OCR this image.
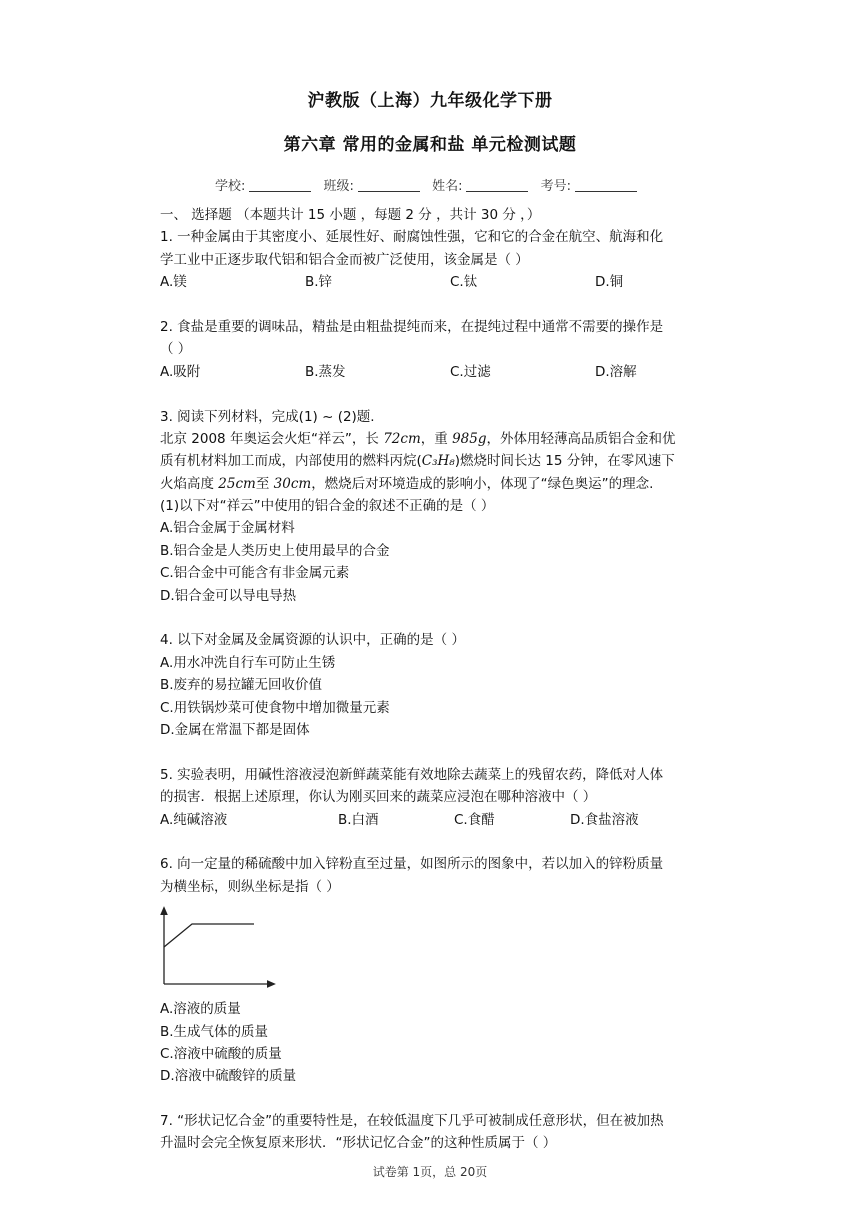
沪教版（上海）九年级化学下册
第六章 常用的金属和盐 单元检测试题
学校:	班级:	姓名:	考号:
一、 选择题 （本题共计 15 小题 ，每题 2 分 ，共计 30 分 ，）
1. 一种金属由于其密度小、延展性好、耐腐蚀性强，它和它的合金在航空、航海和化
学工业中正逐步取代铝和铝合金而被广泛使用，该金属是（ ）
A.镁	B.锌	C.钛	D.铜
2. 食盐是重要的调味品，精盐是由粗盐提纯而来，在提纯过程中通常不需要的操作是
（ ）
A.吸附	B.蒸发	C.过滤	D.溶解
3. 阅读下列材料，完成(1) ~ (2)题.
北京 2008 年奥运会火炬“祥云”，长 72cm，重 985g，外体用轻薄高品质铝合金和优
质有机材料加工而成，内部使用的燃料丙烷(C₃H₈)燃烧时间长达 15 分钟，在零风速下
火焰高度 25cm至 30cm，燃烧后对环境造成的影响小，体现了“绿色奥运”的理念.
(1)以下对“祥云”中使用的铝合金的叙述不正确的是（ ）
A.铝合金属于金属材料
B.铝合金是人类历史上使用最早的合金
C.铝合金中可能含有非金属元素
D.铝合金可以导电导热
4. 以下对金属及金属资源的认识中，正确的是（ ）
A.用水冲洗自行车可防止生锈
B.废弃的易拉罐无回收价值
C.用铁锅炒菜可使食物中增加微量元素
D.金属在常温下都是固体
5. 实验表明，用碱性溶液浸泡新鲜蔬菜能有效地除去蔬菜上的残留农药，降低对人体
的损害．根据上述原理，你认为刚买回来的蔬菜应浸泡在哪种溶液中（ ）
A.纯碱溶液	B.白酒	C.食醋	D.食盐溶液
6. 向一定量的稀硫酸中加入锌粉直至过量，如图所示的图象中，若以加入的锌粉质量
为横坐标，则纵坐标是指（ ）
A.溶液的质量
B.生成气体的质量
C.溶液中硫酸的质量
D.溶液中硫酸锌的质量
7. “形状记忆合金”的重要特性是，在较低温度下几乎可被制成任意形状，但在被加热
升温时会完全恢复原来形状．“形状记忆合金”的这种性质属于（ ）
试卷第 1页，总 20页
